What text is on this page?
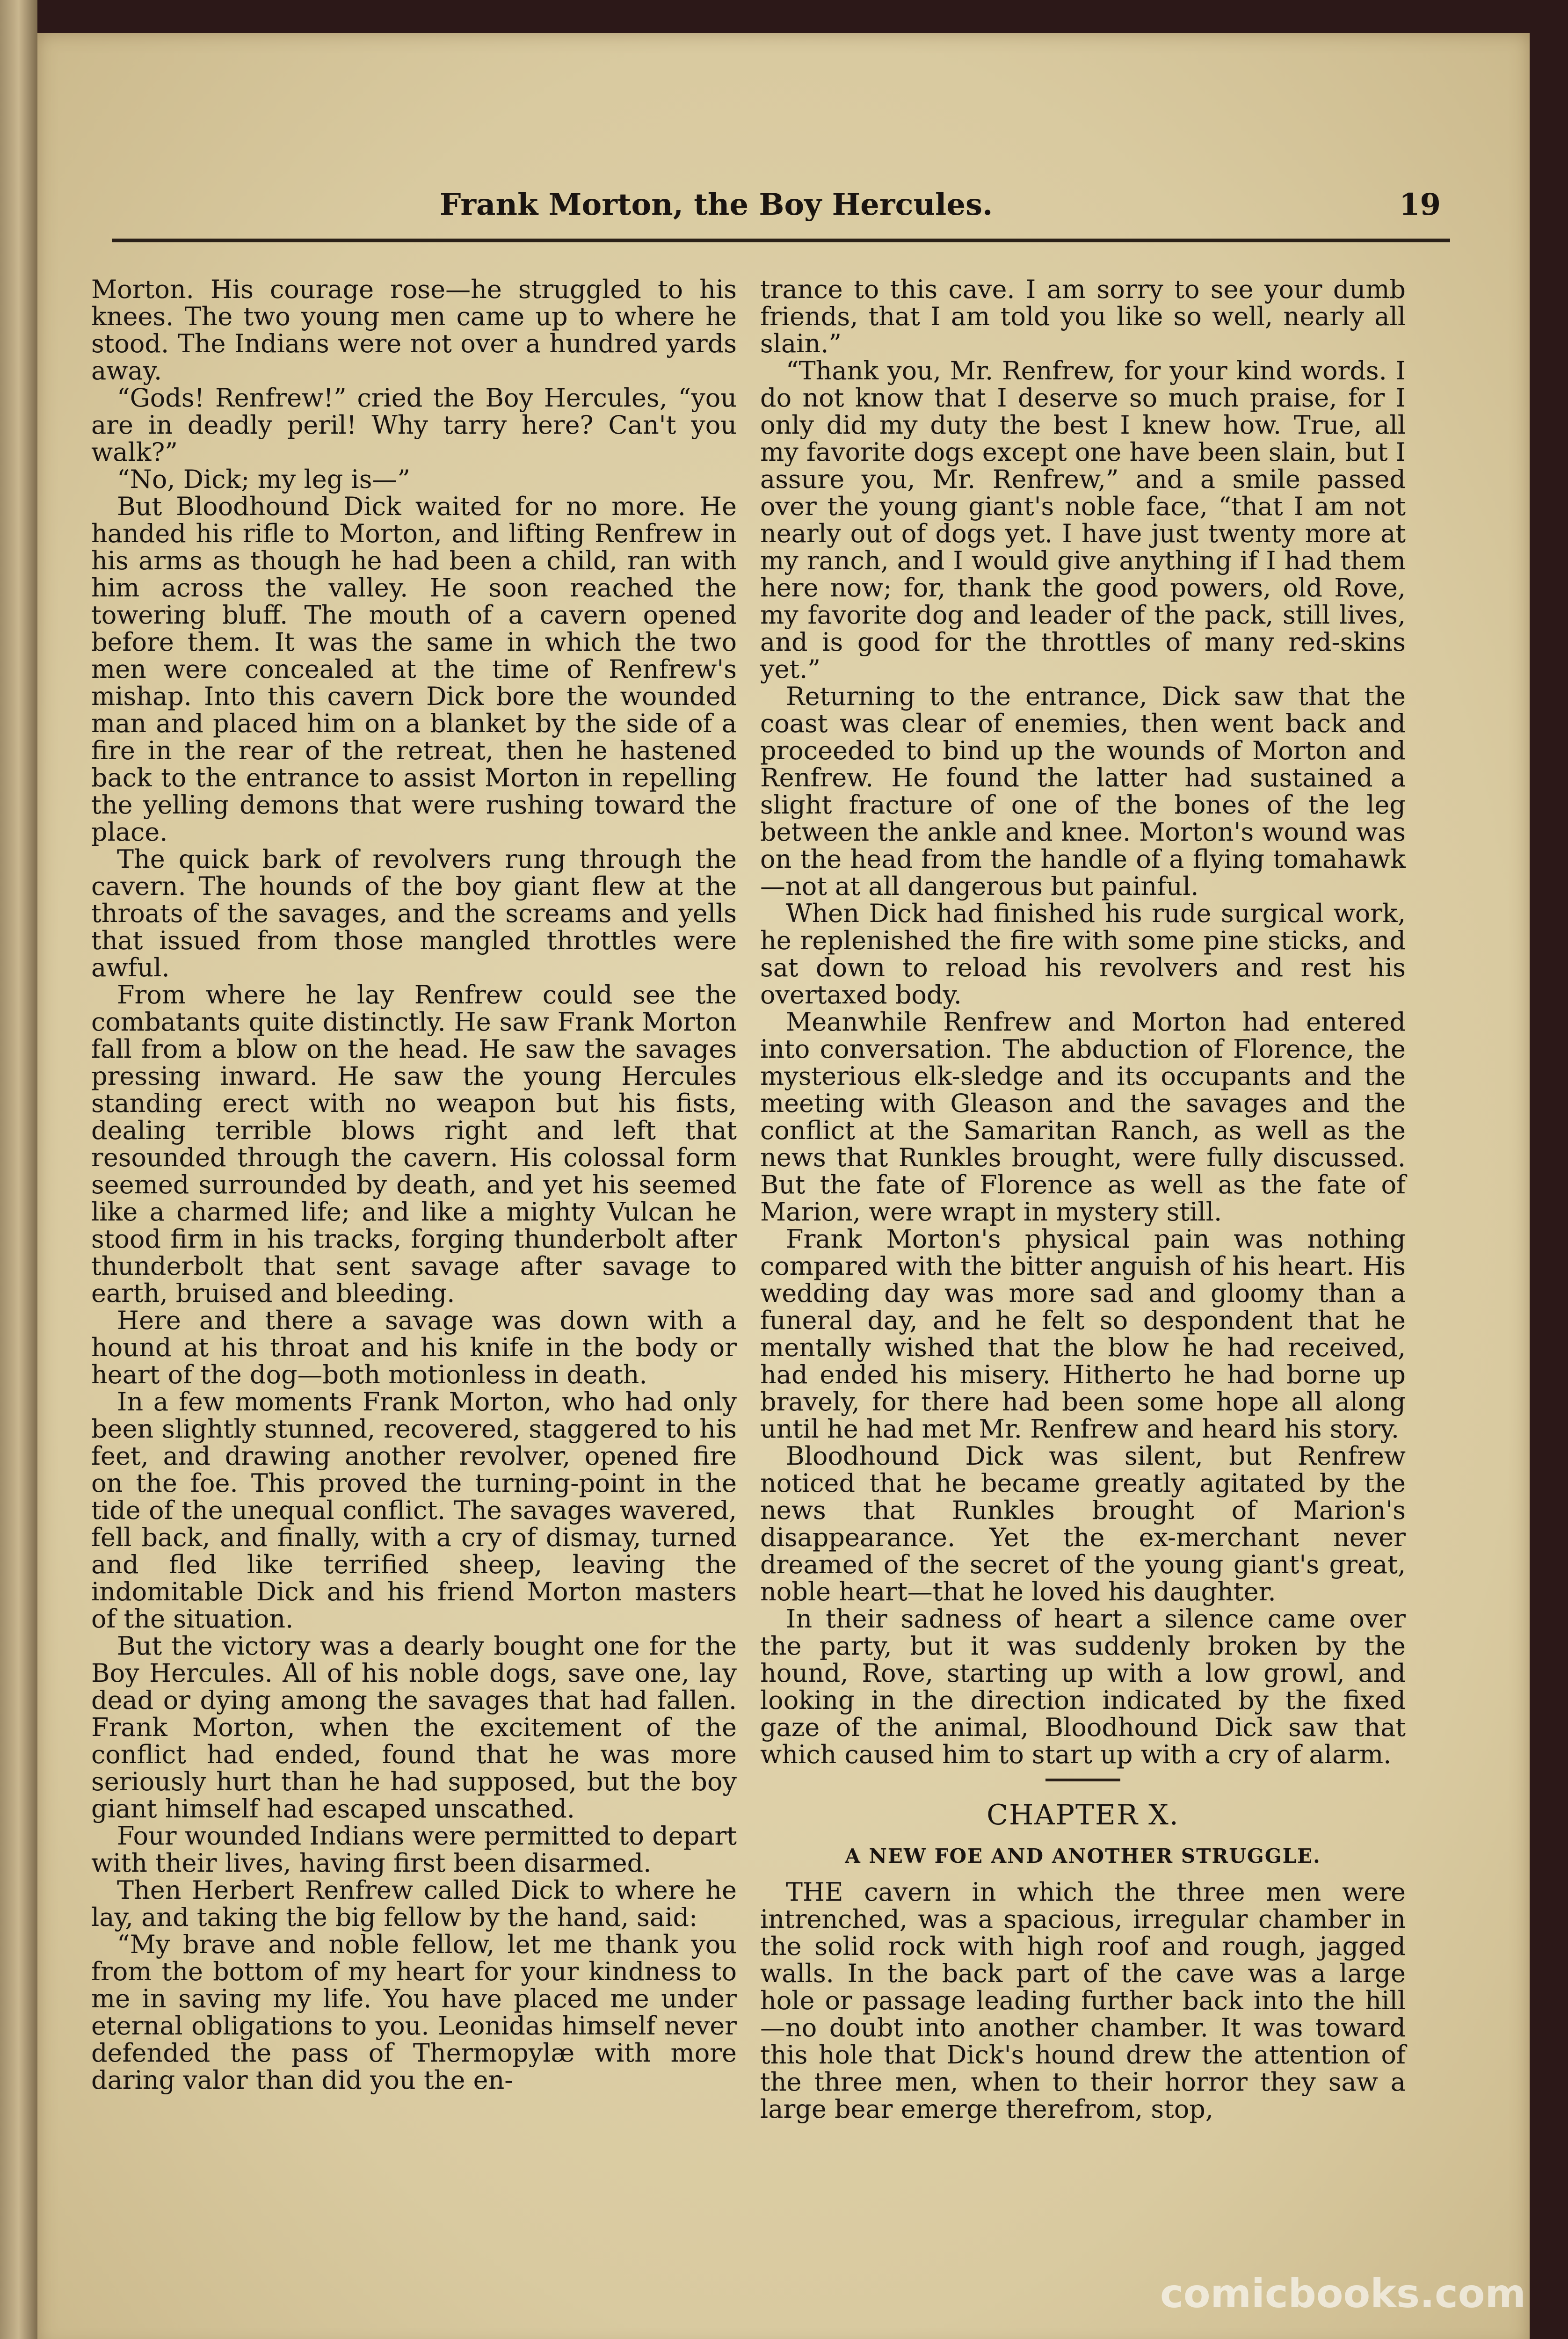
Frank Morton, the Boy Hercules.	19

Morton. His courage rose—he struggled to his knees. The two young men came up to where he stood. The Indians were not over a hundred yards away.

“Gods! Renfrew!” cried the Boy Hercules, “you are in deadly peril! Why tarry here? Can't you walk?”

“No, Dick; my leg is—”

But Bloodhound Dick waited for no more. He handed his rifle to Morton, and lifting Renfrew in his arms as though he had been a child, ran with him across the valley. He soon reached the towering bluff. The mouth of a cavern opened before them. It was the same in which the two men were concealed at the time of Renfrew's mishap. Into this cavern Dick bore the wounded man and placed him on a blanket by the side of a fire in the rear of the retreat, then he hastened back to the entrance to assist Morton in repelling the yelling demons that were rushing toward the place.

The quick bark of revolvers rung through the cavern. The hounds of the boy giant flew at the throats of the savages, and the screams and yells that issued from those mangled throttles were awful.

From where he lay Renfrew could see the combatants quite distinctly. He saw Frank Morton fall from a blow on the head. He saw the savages pressing inward. He saw the young Hercules standing erect with no weapon but his fists, dealing terrible blows right and left that resounded through the cavern. His colossal form seemed surrounded by death, and yet his seemed like a charmed life; and like a mighty Vulcan he stood firm in his tracks, forging thunderbolt after thunderbolt that sent savage after savage to earth, bruised and bleeding.

Here and there a savage was down with a hound at his throat and his knife in the body or heart of the dog—both motionless in death.

In a few moments Frank Morton, who had only been slightly stunned, recovered, staggered to his feet, and drawing another revolver, opened fire on the foe. This proved the turning-point in the tide of the unequal conflict. The savages wavered, fell back, and finally, with a cry of dismay, turned and fled like terrified sheep, leaving the indomitable Dick and his friend Morton masters of the situation.

But the victory was a dearly bought one for the Boy Hercules. All of his noble dogs, save one, lay dead or dying among the savages that had fallen. Frank Morton, when the excitement of the conflict had ended, found that he was more seriously hurt than he had supposed, but the boy giant himself had escaped unscathed.

Four wounded Indians were permitted to depart with their lives, having first been disarmed.

Then Herbert Renfrew called Dick to where he lay, and taking the big fellow by the hand, said:

“My brave and noble fellow, let me thank you from the bottom of my heart for your kindness to me in saving my life. You have placed me under eternal obligations to you. Leonidas himself never defended the pass of Thermopylæ with more daring valor than did you the en-

trance to this cave. I am sorry to see your dumb friends, that I am told you like so well, nearly all slain.”

“Thank you, Mr. Renfrew, for your kind words. I do not know that I deserve so much praise, for I only did my duty the best I knew how. True, all my favorite dogs except one have been slain, but I assure you, Mr. Renfrew,” and a smile passed over the young giant's noble face, “that I am not nearly out of dogs yet. I have just twenty more at my ranch, and I would give anything if I had them here now; for, thank the good powers, old Rove, my favorite dog and leader of the pack, still lives, and is good for the throttles of many red-skins yet.”

Returning to the entrance, Dick saw that the coast was clear of enemies, then went back and proceeded to bind up the wounds of Morton and Renfrew. He found the latter had sustained a slight fracture of one of the bones of the leg between the ankle and knee. Morton's wound was on the head from the handle of a flying tomahawk—not at all dangerous but painful.

When Dick had finished his rude surgical work, he replenished the fire with some pine sticks, and sat down to reload his revolvers and rest his overtaxed body.

Meanwhile Renfrew and Morton had entered into conversation. The abduction of Florence, the mysterious elk-sledge and its occupants and the meeting with Gleason and the savages and the conflict at the Samaritan Ranch, as well as the news that Runkles brought, were fully discussed. But the fate of Florence as well as the fate of Marion, were wrapt in mystery still.

Frank Morton's physical pain was nothing compared with the bitter anguish of his heart. His wedding day was more sad and gloomy than a funeral day, and he felt so despondent that he mentally wished that the blow he had received, had ended his misery. Hitherto he had borne up bravely, for there had been some hope all along until he had met Mr. Renfrew and heard his story.

Bloodhound Dick was silent, but Renfrew noticed that he became greatly agitated by the news that Runkles brought of Marion's disappearance. Yet the ex-merchant never dreamed of the secret of the young giant's great, noble heart—that he loved his daughter.

In their sadness of heart a silence came over the party, but it was suddenly broken by the hound, Rove, starting up with a low growl, and looking in the direction indicated by the fixed gaze of the animal, Bloodhound Dick saw that which caused him to start up with a cry of alarm.

CHAPTER X.
A NEW FOE AND ANOTHER STRUGGLE.

THE cavern in which the three men were intrenched, was a spacious, irregular chamber in the solid rock with high roof and rough, jagged walls. In the back part of the cave was a large hole or passage leading further back into the hill—no doubt into another chamber. It was toward this hole that Dick's hound drew the attention of the three men, when to their horror they saw a large bear emerge therefrom, stop,

comicbooks.com
